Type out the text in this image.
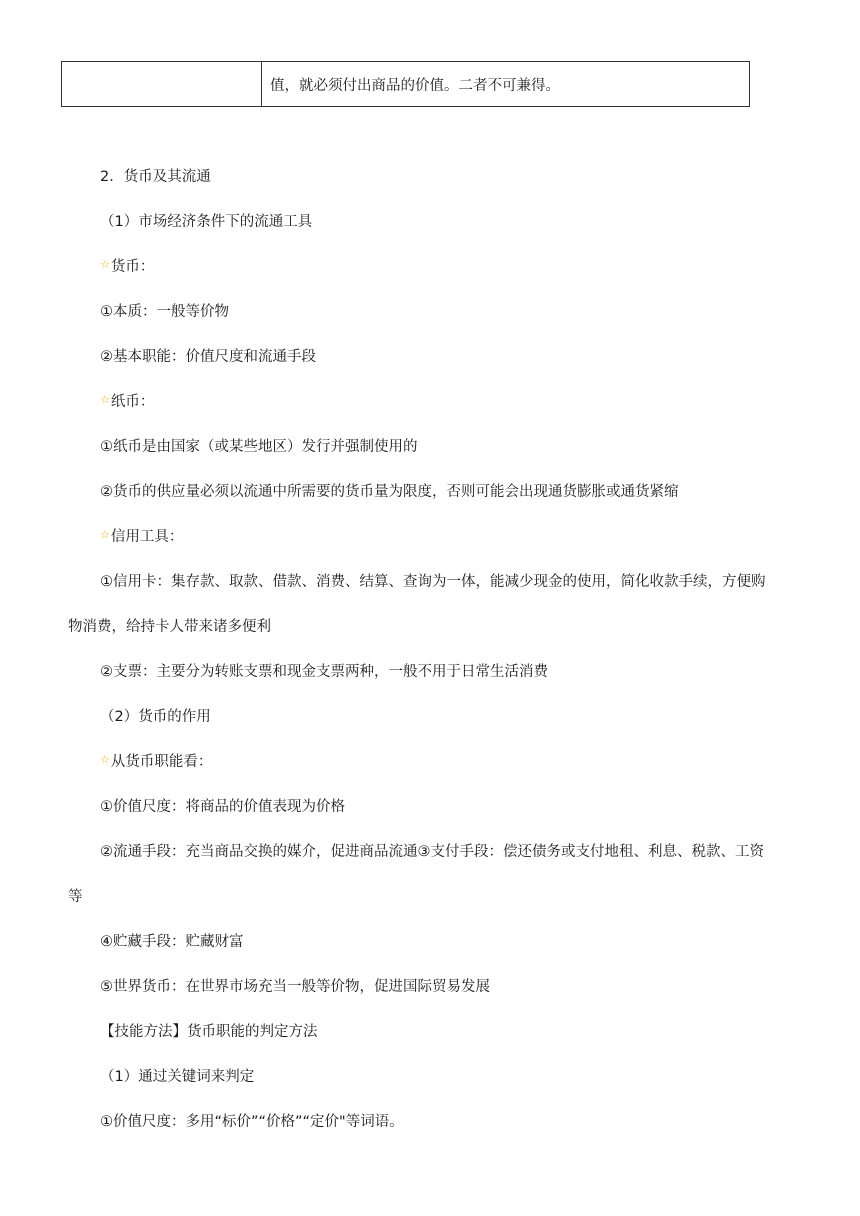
	值，就必须付出商品的价值。二者不可兼得。
2．货币及其流通
（1）市场经济条件下的流通工具
☆货币：
①本质：一般等价物
②基本职能：价值尺度和流通手段
☆纸币：
①纸币是由国家（或某些地区）发行并强制使用的
②货币的供应量必须以流通中所需要的货币量为限度，否则可能会出现通货膨胀或通货紧缩
☆信用工具：
①信用卡：集存款、取款、借款、消费、结算、查询为一体，能减少现金的使用，简化收款手续，方便购
物消费，给持卡人带来诸多便利
②支票：主要分为转账支票和现金支票两种，一般不用于日常生活消费
（2）货币的作用
☆从货币职能看：
①价值尺度：将商品的价值表现为价格
②流通手段：充当商品交换的媒介，促进商品流通③支付手段：偿还债务或支付地租、利息、税款、工资
等
④贮藏手段：贮藏财富
⑤世界货币：在世界市场充当一般等价物，促进国际贸易发展
【技能方法】货币职能的判定方法
（1）通过关键词来判定
①价值尺度：多用“标价”“价格”“定价"等词语。
